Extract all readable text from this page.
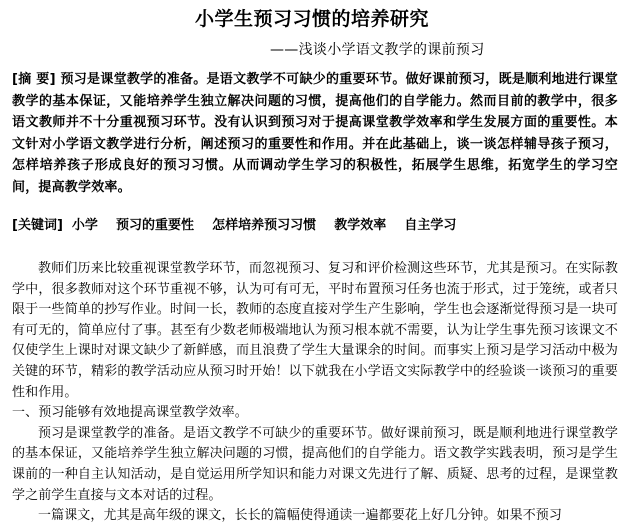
小学生预习习惯的培养研究
——浅谈小学语文教学的课前预习
[摘 要] 预习是课堂教学的准备。是语文教学不可缺少的重要环节。做好课前预习，既是顺利地进行课堂教学的基本保证，又能培养学生独立解决问题的习惯，提高他们的自学能力。然而目前的教学中，很多语文教师并不十分重视预习环节。没有认识到预习对于提高课堂教学效率和学生发展方面的重要性。本文针对小学语文教学进行分析，阐述预习的重要性和作用。并在此基础上，谈一谈怎样辅导孩子预习，怎样培养孩子形成良好的预习习惯。从而调动学生学习的积极性，拓展学生思维，拓宽学生的学习空间，提高教学效率。
[关键词]  小学    预习的重要性    怎样培养预习习惯    教学效率    自主学习

教师们历来比较重视课堂教学环节，而忽视预习、复习和评价检测这些环节，尤其是预习。在实际教学中，很多教师对这个环节重视不够，认为可有可无，平时布置预习任务也流于形式，过于笼统，或者只限于一些简单的抄写作业。时间一长，教师的态度直接对学生产生影响，学生也会逐渐觉得预习是一块可有可无的，简单应付了事。甚至有少数老师极端地认为预习根本就不需要，认为让学生事先预习该课文不仅使学生上课时对课文缺少了新鲜感，而且浪费了学生大量课余的时间。而事实上预习是学习活动中极为关键的环节，精彩的教学活动应从预习时开始！以下就我在小学语文实际教学中的经验谈一谈预习的重要性和作用。

一、预习能够有效地提高课堂教学效率。

预习是课堂教学的准备。是语文教学不可缺少的重要环节。做好课前预习，既是顺利地进行课堂教学的基本保证，又能培养学生独立解决问题的习惯，提高他们的自学能力。语文教学实践表明，预习是学生课前的一种自主认知活动，是自觉运用所学知识和能力对课文先进行了解、质疑、思考的过程，是课堂教学之前学生直接与文本对话的过程。

一篇课文，尤其是高年级的课文，长长的篇幅使得通读一遍都要花上好几分钟。如果不预习
